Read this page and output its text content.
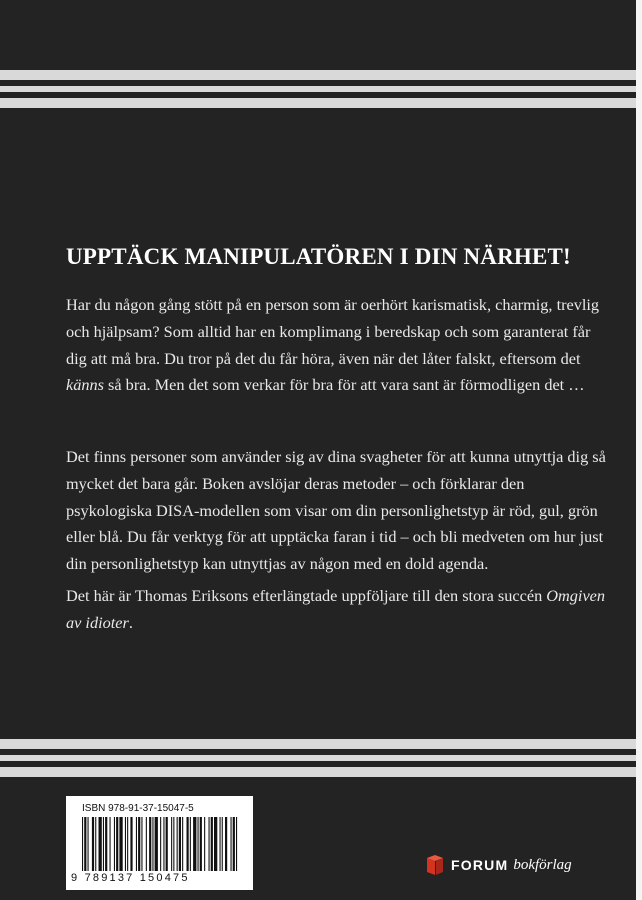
UPPTÄCK MANIPULATÖREN I DIN NÄRHET!
Har du någon gång stött på en person som är oerhört karismatisk, charmig, trevlig och hjälpsam? Som alltid har en komplimang i beredskap och som garanterat får dig att må bra. Du tror på det du får höra, även när det låter falskt, eftersom det känns så bra. Men det som verkar för bra för att vara sant är förmodligen det …
Det finns personer som använder sig av dina svagheter för att kunna utnyttja dig så mycket det bara går. Boken avslöjar deras metoder – och förklarar den psykologiska DISA-modellen som visar om din personlighetstyp är röd, gul, grön eller blå. Du får verktyg för att upptäcka faran i tid – och bli medveten om hur just din personlighetstyp kan utnyttjas av någon med en dold agenda.
Det här är Thomas Eriksons efterlängtade uppföljare till den stora succén Omgiven av idioter.
ISBN 978-91-37-15047-5
9 789137 150475
FORUM bokförlag
